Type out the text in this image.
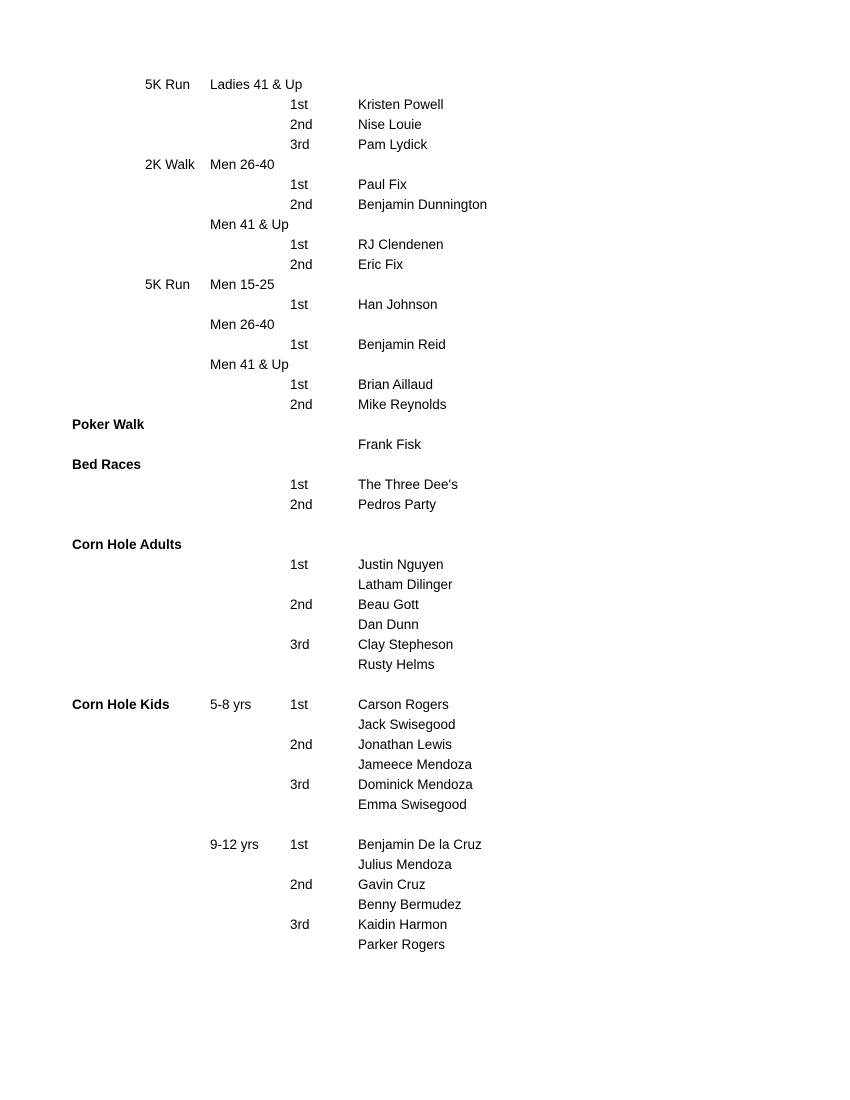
5K Run Ladies 41 & Up
1st	Kristen Powell
2nd	Nise Louie
3rd	Pam Lydick
2K Walk Men 26-40
1st	Paul Fix
2nd	Benjamin Dunnington
Men 41 & Up
1st	RJ Clendenen
2nd	Eric Fix
5K Run Men 15-25
1st	Han Johnson
Men 26-40
1st	Benjamin Reid
Men 41 & Up
1st	Brian Aillaud
2nd	Mike Reynolds
Poker Walk
Frank Fisk
Bed Races
1st	The Three Dee's
2nd	Pedros Party
Corn Hole Adults
1st	Justin Nguyen
Latham Dilinger
2nd	Beau Gott
Dan Dunn
3rd	Clay Stepheson
Rusty Helms
Corn Hole Kids	5-8 yrs	1st	Carson Rogers
Jack Swisegood
2nd	Jonathan Lewis
Jameece Mendoza
3rd	Dominick Mendoza
Emma Swisegood
9-12 yrs 1st	Benjamin De la Cruz
Julius Mendoza
2nd	Gavin Cruz
Benny Bermudez
3rd	Kaidin Harmon
Parker Rogers
